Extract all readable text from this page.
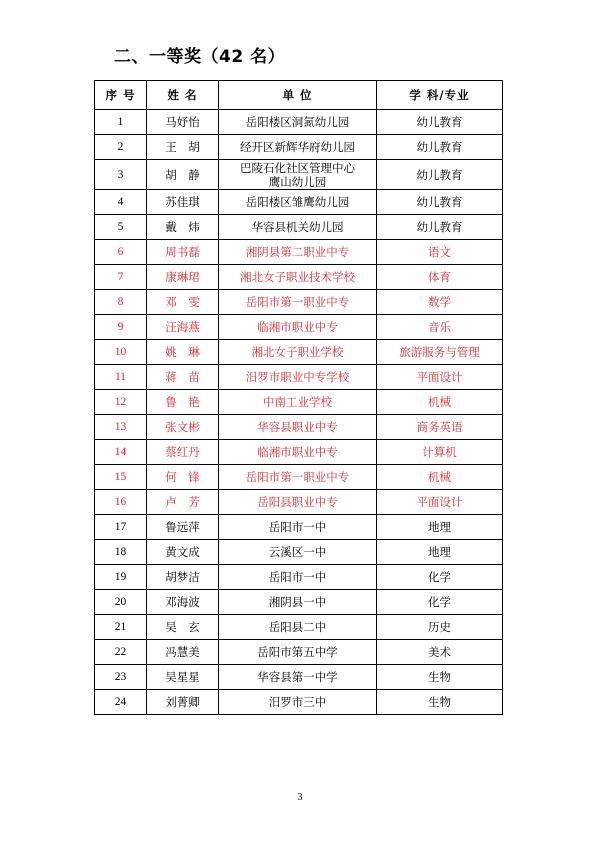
二、一等奖（42 名）
序 号	姓 名	单 位	学 科/专业
1	马妤怡	岳阳楼区洞氮幼儿园	幼儿教育
2	王　胡	经开区新辉华府幼儿园	幼儿教育
3	胡　静	巴陵石化社区管理中心
鹰山幼儿园	幼儿教育
4	苏佳琪	岳阳楼区雏鹰幼儿园	幼儿教育
5	戴　炜	华容县机关幼儿园	幼儿教育
6	周书磊	湘阴县第二职业中专	语文
7	康琳珺	湘北女子职业技术学校	体育
8	邓　雯	岳阳市第一职业中专	数学
9	汪海燕	临湘市职业中专	音乐
10	姚　琳	湘北女子职业学校	旅游服务与管理
11	蒋　苗	汨罗市职业中专学校	平面设计
12	鲁　艳	中南工业学校	机械
13	张文彬	华容县职业中专	商务英语
14	蔡红丹	临湘市职业中专	计算机
15	何　锋	岳阳市第一职业中专	机械
16	卢　芳	岳阳县职业中专	平面设计
17	鲁远萍	岳阳市一中	地理
18	黄文成	云溪区一中	地理
19	胡梦洁	岳阳市一中	化学
20	邓海波	湘阴县一中	化学
21	吴　玄	岳阳县二中	历史
22	冯慧美	岳阳市第五中学	美术
23	吴星星	华容县第一中学	生物
24	刘菁卿	汨罗市三中	生物
3
